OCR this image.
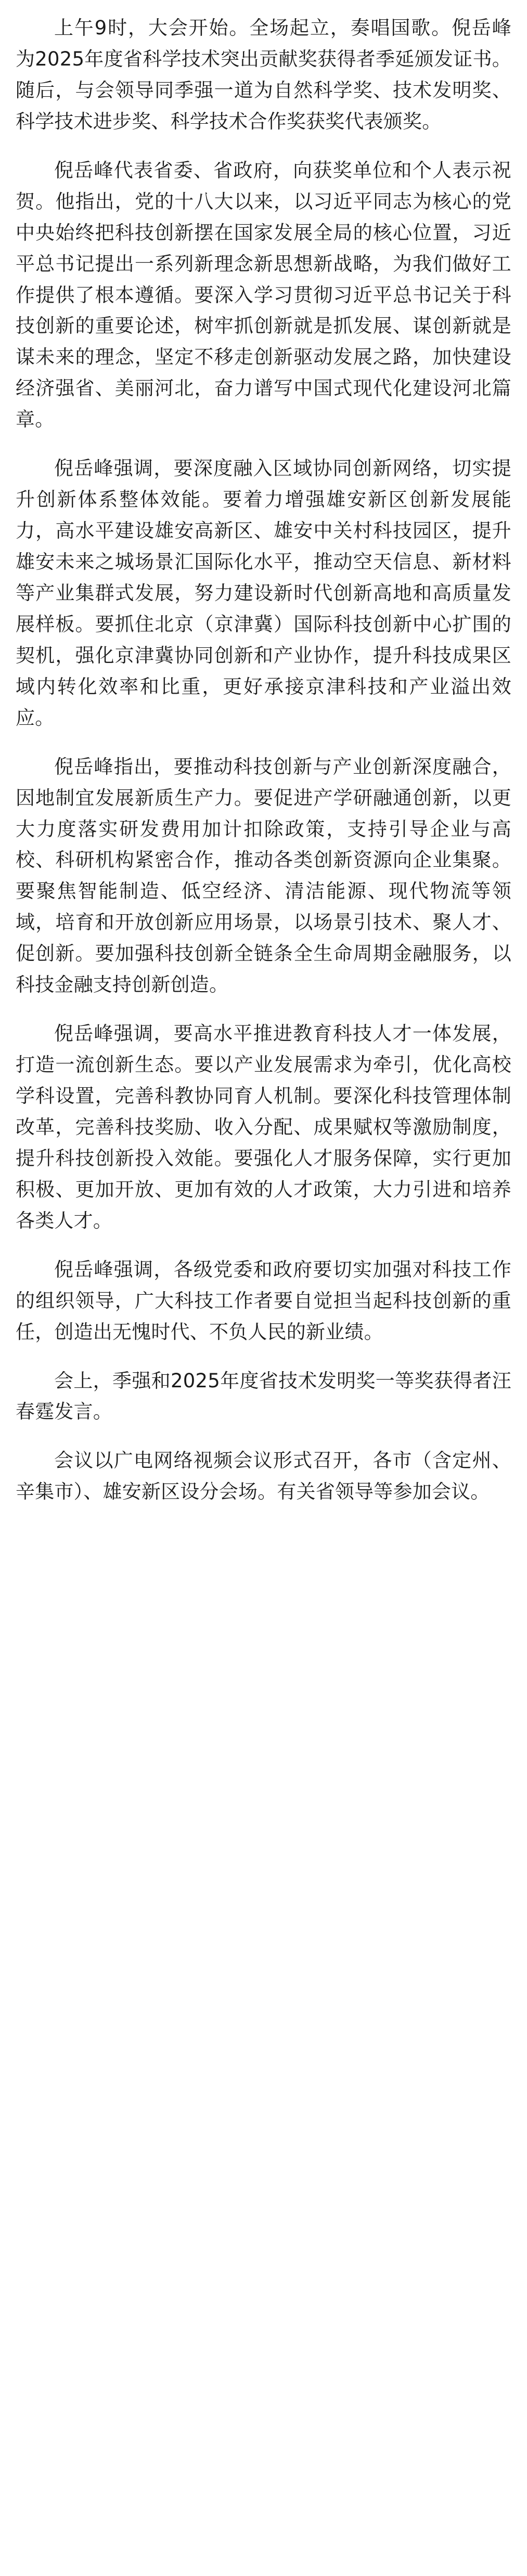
上午9时，大会开始。全场起立，奏唱国歌。倪岳峰为2025年度省科学技术突出贡献奖获得者季延颁发证书。随后，与会领导同季强一道为自然科学奖、技术发明奖、科学技术进步奖、科学技术合作奖获奖代表颁奖。

倪岳峰代表省委、省政府，向获奖单位和个人表示祝贺。他指出，党的十八大以来，以习近平同志为核心的党中央始终把科技创新摆在国家发展全局的核心位置，习近平总书记提出一系列新理念新思想新战略，为我们做好工作提供了根本遵循。要深入学习贯彻习近平总书记关于科技创新的重要论述，树牢抓创新就是抓发展、谋创新就是谋未来的理念，坚定不移走创新驱动发展之路，加快建设经济强省、美丽河北，奋力谱写中国式现代化建设河北篇章。

倪岳峰强调，要深度融入区域协同创新网络，切实提升创新体系整体效能。要着力增强雄安新区创新发展能力，高水平建设雄安高新区、雄安中关村科技园区，提升雄安未来之城场景汇国际化水平，推动空天信息、新材料等产业集群式发展，努力建设新时代创新高地和高质量发展样板。要抓住北京（京津冀）国际科技创新中心扩围的契机，强化京津冀协同创新和产业协作，提升科技成果区域内转化效率和比重，更好承接京津科技和产业溢出效应。

倪岳峰指出，要推动科技创新与产业创新深度融合，因地制宜发展新质生产力。要促进产学研融通创新，以更大力度落实研发费用加计扣除政策，支持引导企业与高校、科研机构紧密合作，推动各类创新资源向企业集聚。要聚焦智能制造、低空经济、清洁能源、现代物流等领域，培育和开放创新应用场景，以场景引技术、聚人才、促创新。要加强科技创新全链条全生命周期金融服务，以科技金融支持创新创造。

倪岳峰强调，要高水平推进教育科技人才一体发展，打造一流创新生态。要以产业发展需求为牵引，优化高校学科设置，完善科教协同育人机制。要深化科技管理体制改革，完善科技奖励、收入分配、成果赋权等激励制度，提升科技创新投入效能。要强化人才服务保障，实行更加积极、更加开放、更加有效的人才政策，大力引进和培养各类人才。

倪岳峰强调，各级党委和政府要切实加强对科技工作的组织领导，广大科技工作者要自觉担当起科技创新的重任，创造出无愧时代、不负人民的新业绩。

会上，季强和2025年度省技术发明奖一等奖获得者汪春霆发言。

会议以广电网络视频会议形式召开，各市（含定州、辛集市）、雄安新区设分会场。有关省领导等参加会议。
